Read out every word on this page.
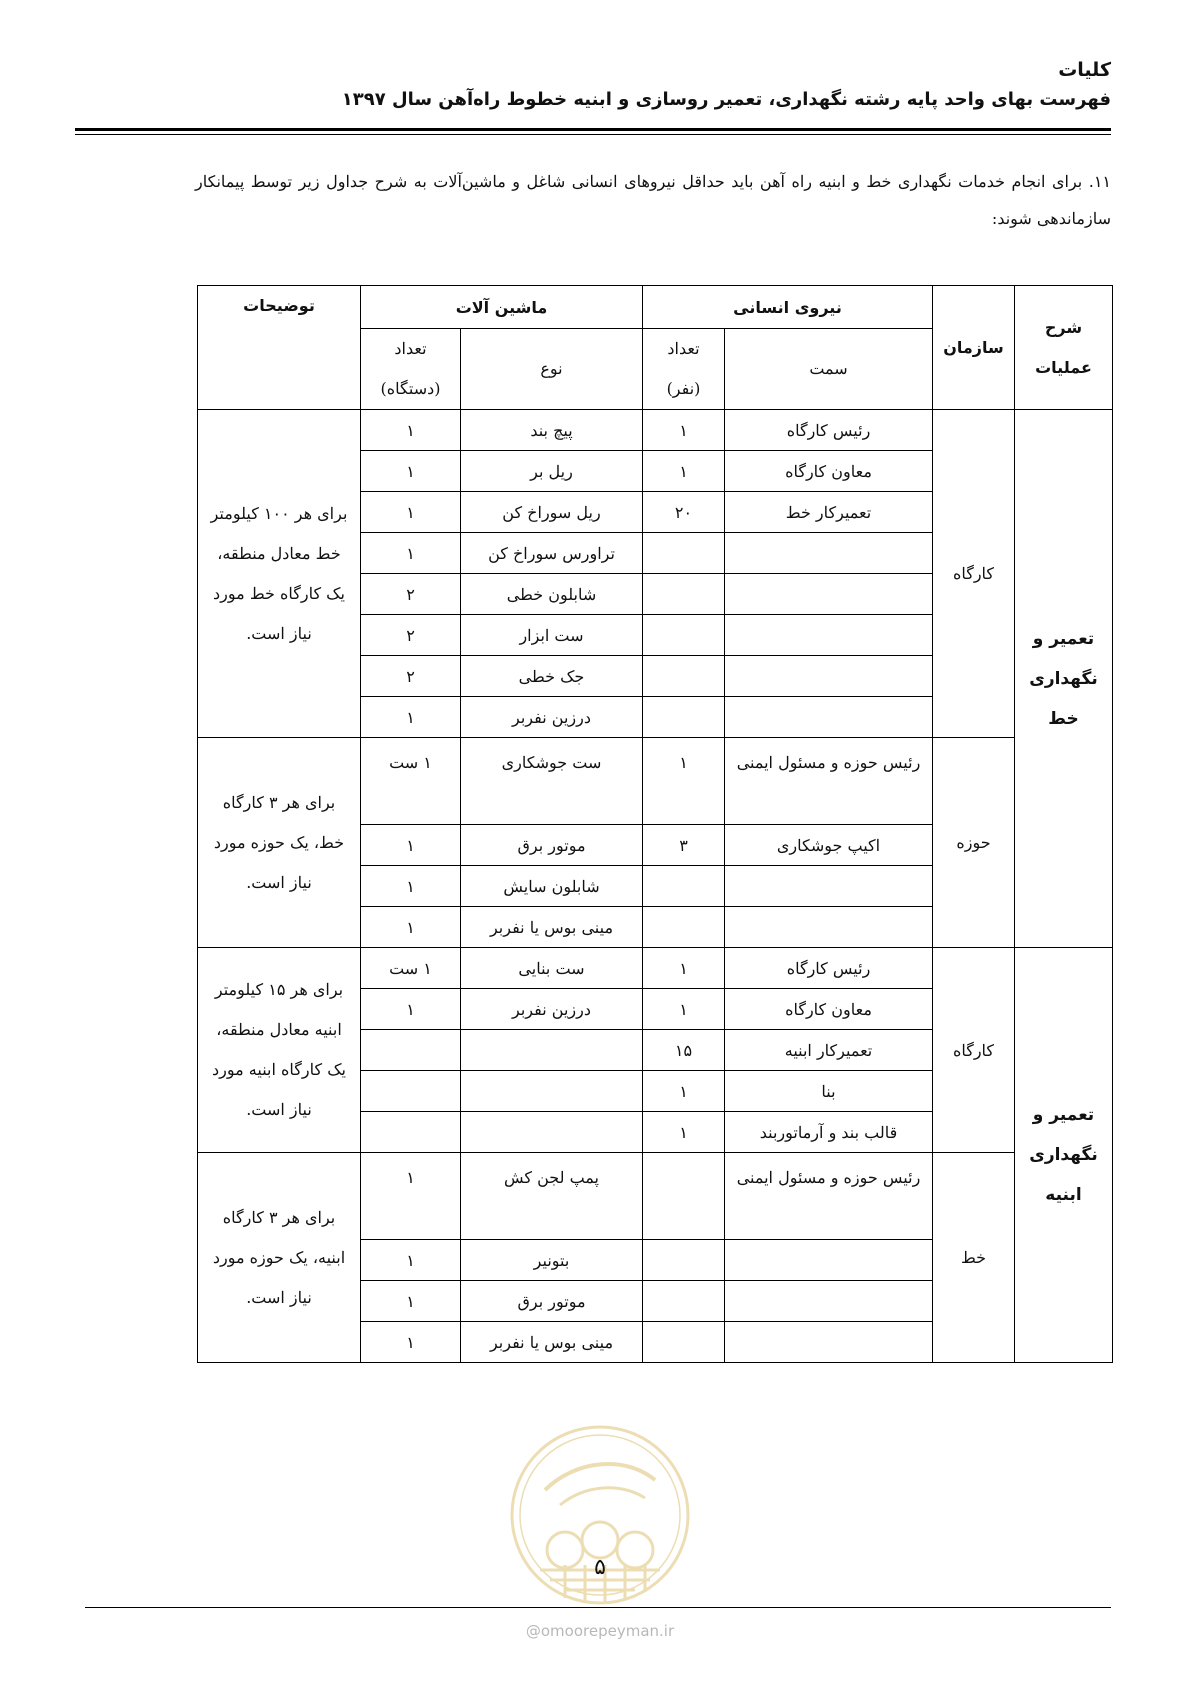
کلیات
فهرست بهای واحد پایه رشته نگهداری، تعمیر روسازی و ابنیه خطوط راه‌آهن سال ۱۳۹۷
۱۱. برای انجام خدمات نگهداری خط و ابنیه راه آهن باید حداقل نیروهای انسانی شاغل و ماشین‌آلات به شرح جداول زیر توسط پیمانکار سازماندهی شوند:
شرح عملیات	سازمان	نیروی انسانی		ماشین آلات		توضیحات
		سمت	تعداد (نفر)	نوع	تعداد (دستگاه)	
تعمیر و نگهداری خط	کارگاه	رئیس کارگاه	۱	پیچ بند	۱	برای هر ۱۰۰ کیلومتر خط معادل منطقه، یک کارگاه خط مورد نیاز است.
		معاون کارگاه	۱	ریل بر	۱	
		تعمیرکار خط	۲۰	ریل سوراخ کن	۱	
				تراورس سوراخ کن	۱	
				شابلون خطی	۲	
				ست ابزار	۲	
				جک خطی	۲	
				درزین نفربر	۱	
	حوزه	رئیس حوزه و مسئول ایمنی	۱	ست جوشکاری	۱ ست	برای هر ۳ کارگاه خط، یک حوزه مورد نیاز است.
		اکیپ جوشکاری	۳	موتور برق	۱	
				شابلون سایش	۱	
				مینی بوس یا نفربر	۱	
تعمیر و نگهداری ابنیه	کارگاه	رئیس کارگاه	۱	ست بنایی	۱ ست	برای هر ۱۵ کیلومتر ابنیه معادل منطقه، یک کارگاه ابنیه مورد نیاز است.
		معاون کارگاه	۱	درزین نفربر	۱	
		تعمیرکار ابنیه	۱۵			
		بنا	۱			
		قالب بند و آرماتوربند	۱			
	خط	رئیس حوزه و مسئول ایمنی		پمپ لجن کش	۱	برای هر ۳ کارگاه ابنیه، یک حوزه مورد نیاز است.
				بتونیر	۱	
				موتور برق	۱	
				مینی بوس یا نفربر	۱	
۵
@omoorepeyman.ir
